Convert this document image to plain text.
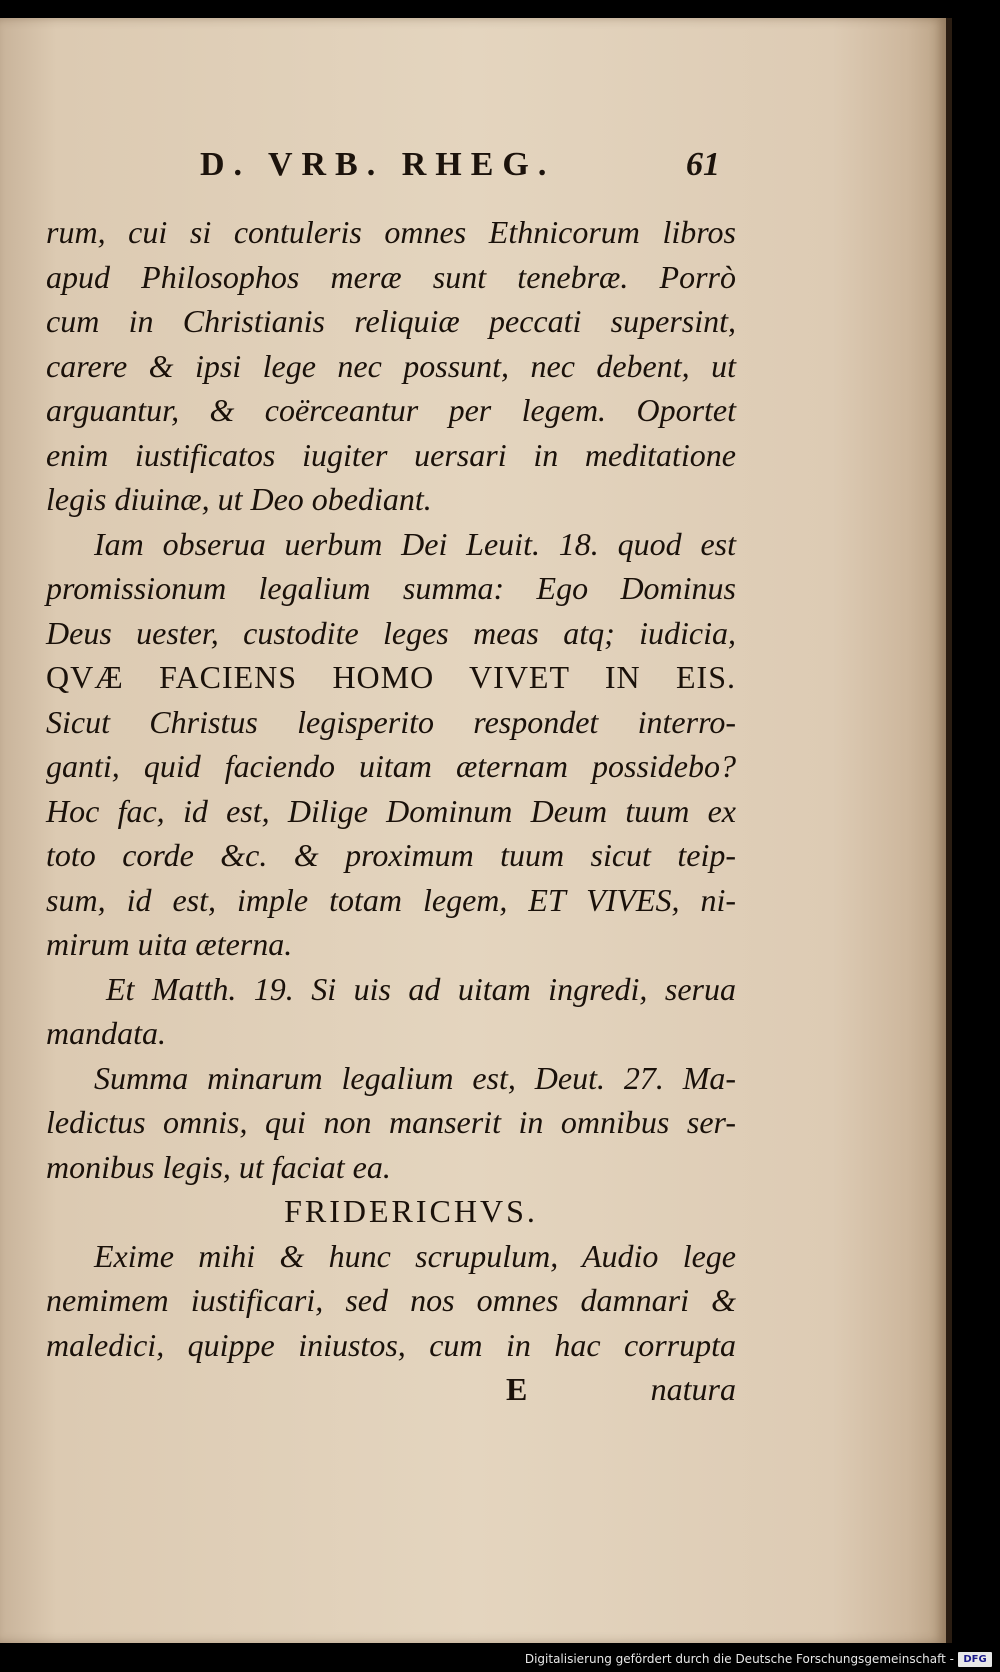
D. VRB. RHEG.	61
rum, cui si contuleris omnes Ethnicorum libros
apud Philosophos meræ sunt tenebræ. Porrò
cum in Christianis reliquiæ peccati supersint,
carere & ipsi lege nec possunt, nec debent, ut
arguantur, & coërceantur per legem. Oportet
enim iustificatos iugiter uersari in meditatione
legis diuinæ, ut Deo obediant.
Iam obserua uerbum Dei Leuit. 18. quod est
promissionum legalium summa: Ego Dominus
Deus uester, custodite leges meas atq; iudicia,
QVÆ FACIENS HOMO VIVET IN EIS.
Sicut Christus legisperito respondet interro-
ganti, quid faciendo uitam æternam possidebo?
Hoc fac, id est, Dilige Dominum Deum tuum ex
toto corde &c. & proximum tuum sicut teip-
sum, id est, imple totam legem, ET VIVES, ni-
mirum uita æterna.
Et Matth. 19. Si uis ad uitam ingredi, serua
mandata.
Summa minarum legalium est, Deut. 27. Ma-
ledictus omnis, qui non manserit in omnibus ser-
monibus legis, ut faciat ea.
FRIDERICHVS.
Exime mihi & hunc scrupulum, Audio lege
nemimem iustificari, sed nos omnes damnari &
maledici, quippe iniustos, cum in hac corrupta
E	natura
Digitalisierung gefördert durch die Deutsche Forschungsgemeinschaft - DFG
